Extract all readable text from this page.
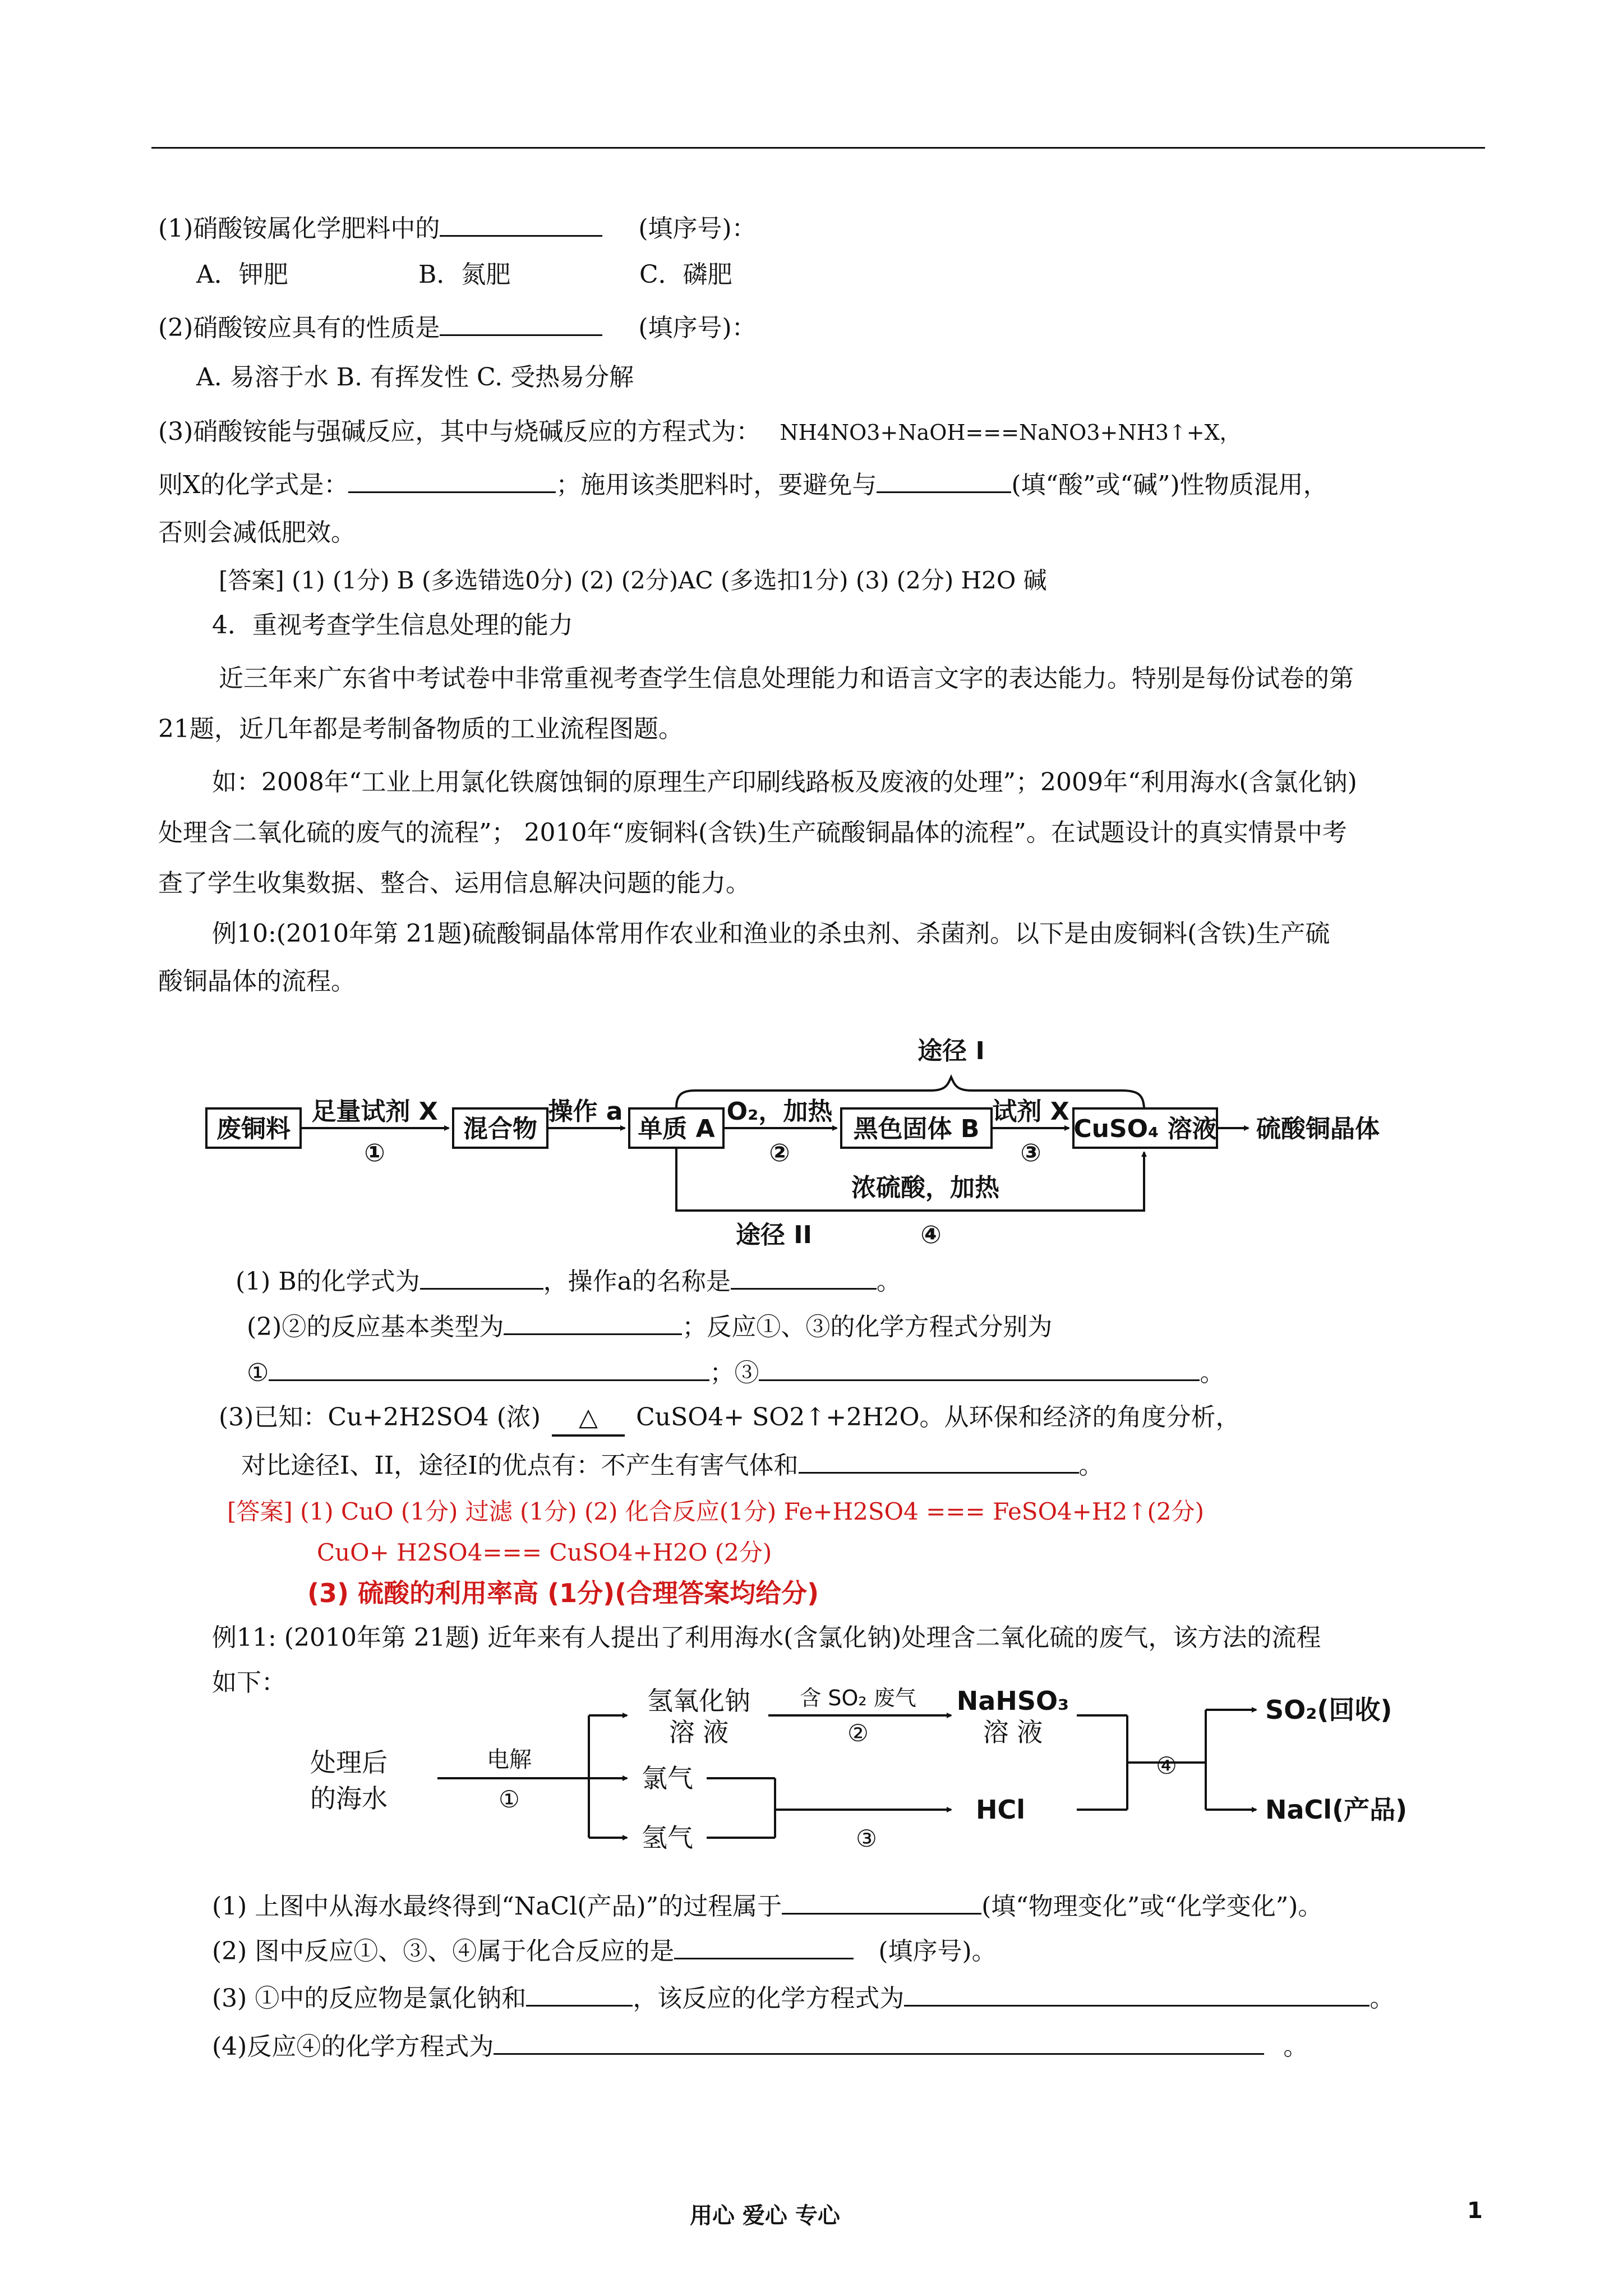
(1)硝酸铵属化学肥料中的	(填序号)：
A．钾肥	B．氮肥	C．磷肥
(2)硝酸铵应具有的性质是	(填序号)：
A. 易溶于水 B. 有挥发性 C. 受热易分解
(3)硝酸铵能与强碱反应，其中与烧碱反应的方程式为： NH4NO3+NaOH===NaNO3+NH3↑+X，
则X的化学式是：	；施用该类肥料时，要避免与	(填“酸”或“碱”)性物质混用，
否则会减低肥效。
[答案] (1) (1分) B (多选错选0分) (2) (2分)AC (多选扣1分) (3) (2分) H2O 碱
4．重视考查学生信息处理的能力
近三年来广东省中考试卷中非常重视考查学生信息处理能力和语言文字的表达能力。特别是每份试卷的第
21题，近几年都是考制备物质的工业流程图题。
如：2008年“工业上用氯化铁腐蚀铜的原理生产印刷线路板及废液的处理”；2009年“利用海水(含氯化钠)
处理含二氧化硫的废气的流程”； 2010年“废铜料(含铁)生产硫酸铜晶体的流程”。在试题设计的真实情景中考
查了学生收集数据、整合、运用信息解决问题的能力。
例10:(2010年第 21题)硫酸铜晶体常用作农业和渔业的杀虫剂、杀菌剂。以下是由废铜料(含铁)生产硫
酸铜晶体的流程。
废铜料	混合物	单质 A	黑色固体 B	CuSO₄ 溶液 硫酸铜晶体
足量试剂 X
①
操作 a	O₂，加热
②
试剂 X
③
途径 I
浓硫酸，加热
途径 II	④
(1) B的化学式为	，操作a的名称是	。
(2)②的反应基本类型为	；反应①、③的化学方程式分别为
①	；③	。
(3)已知：Cu+2H2SO4 (浓) △ CuSO4+ SO2↑+2H2O。从环保和经济的角度分析，
对比途径I、II，途径I的优点有：不产生有害气体和	。
[答案] (1) CuO (1分) 过滤 (1分) (2) 化合反应(1分) Fe+H2SO4 === FeSO4+H2↑(2分)
CuO+ H2SO4=== CuSO4+H2O (2分)
(3) 硫酸的利用率高 (1分)(合理答案均给分)
例11: (2010年第 21题) 近年来有人提出了利用海水(含氯化钠)处理含二氧化硫的废气，该方法的流程
如下：
处理后
的海水
电解
①
氢氧化钠
溶 液
含 SO₂ 废气
②
NaHSO₃
溶 液
氯气
氢气	③
HCl
④
SO₂(回收)
NaCl(产品)
(1) 上图中从海水最终得到“NaCl(产品)”的过程属于	(填“物理变化”或“化学变化”)。
(2) 图中反应①、③、④属于化合反应的是	(填序号)。
(3) ①中的反应物是氯化钠和	，该反应的化学方程式为	。
(4)反应④的化学方程式为	。
用心 爱心 专心	1
